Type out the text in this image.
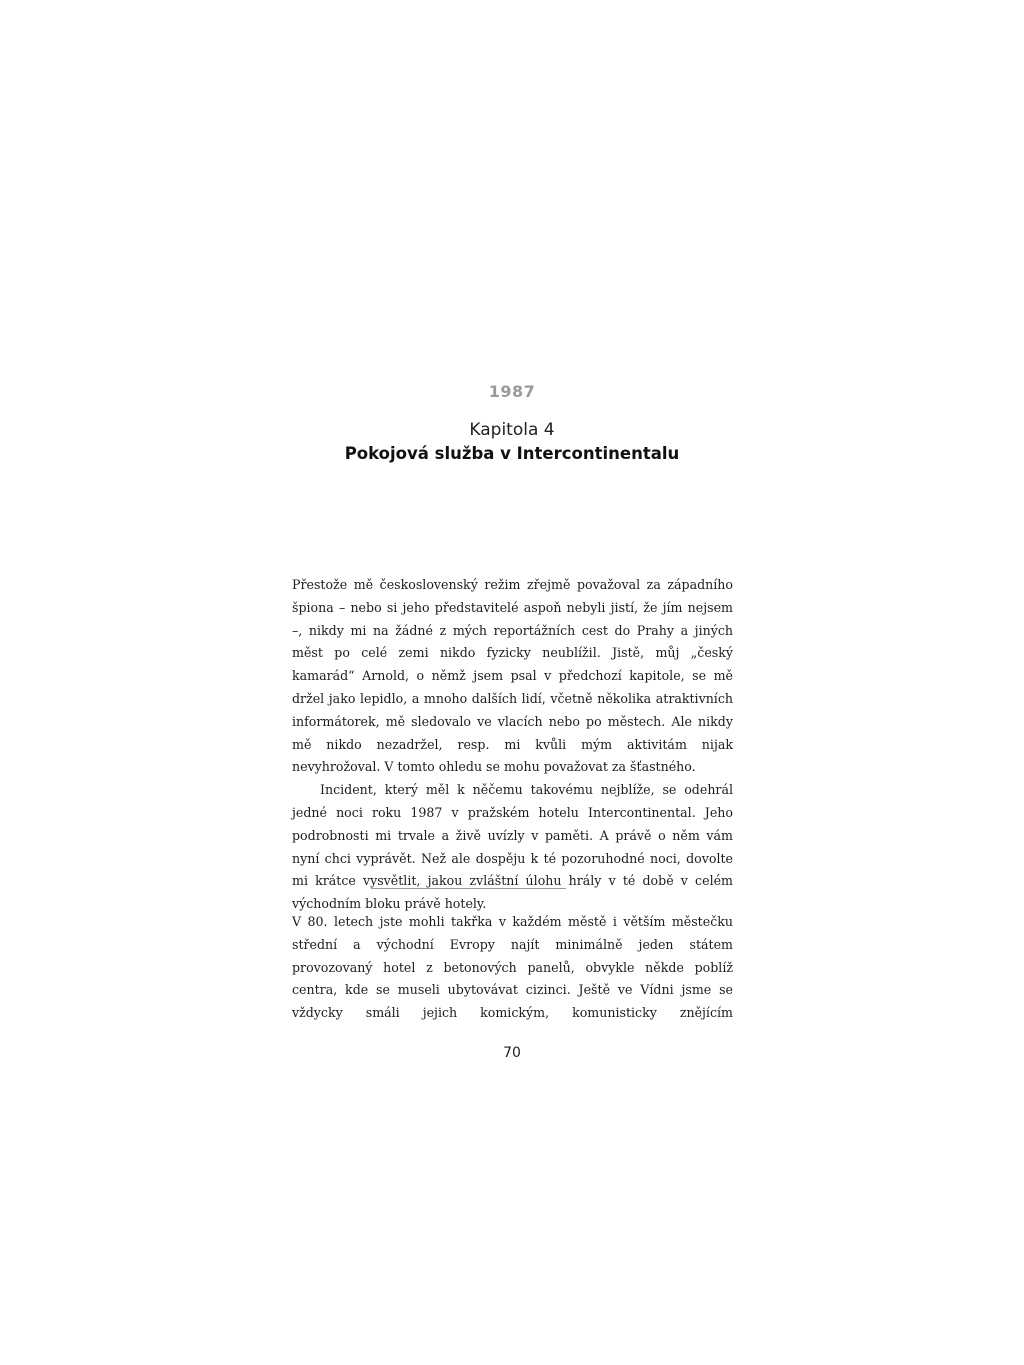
1987
Kapitola 4
Pokojová služba v Intercontinentalu

Přestože mě československý režim zřejmě považoval za západního špiona – nebo si jeho představitelé aspoň nebyli jistí, že jím nejsem –, nikdy mi na žádné z mých reportážních cest do Prahy a jiných měst po celé zemi nikdo fyzicky neublížil. Jistě, můj „český kamarád“ Arnold, o němž jsem psal v předchozí kapitole, se mě držel jako lepidlo, a mnoho dalších lidí, včetně několika atraktivních informátorek, mě sledovalo ve vlacích nebo po městech. Ale nikdy mě nikdo nezadržel, resp. mi kvůli mým aktivitám nijak nevyhrožoval. V tomto ohledu se mohu považovat za šťastného.

Incident, který měl k něčemu takovému nejblíže, se odehrál jedné noci roku 1987 v pražském hotelu Intercontinental. Jeho podrobnosti mi trvale a živě uvízly v paměti. A právě o něm vám nyní chci vyprávět. Než ale dospěju k té pozoruhodné noci, dovolte mi krátce vysvětlit, jakou zvláštní úlohu hrály v té době v celém východním bloku právě hotely.

V 80. letech jste mohli takřka v každém městě i větším městečku střední a východní Evropy najít minimálně jeden státem provozovaný hotel z betonových panelů, obvykle někde poblíž centra, kde se museli ubytovávat cizinci. Ještě ve Vídni jsme se vždycky smáli jejich komickým, komunisticky znějícím

70
